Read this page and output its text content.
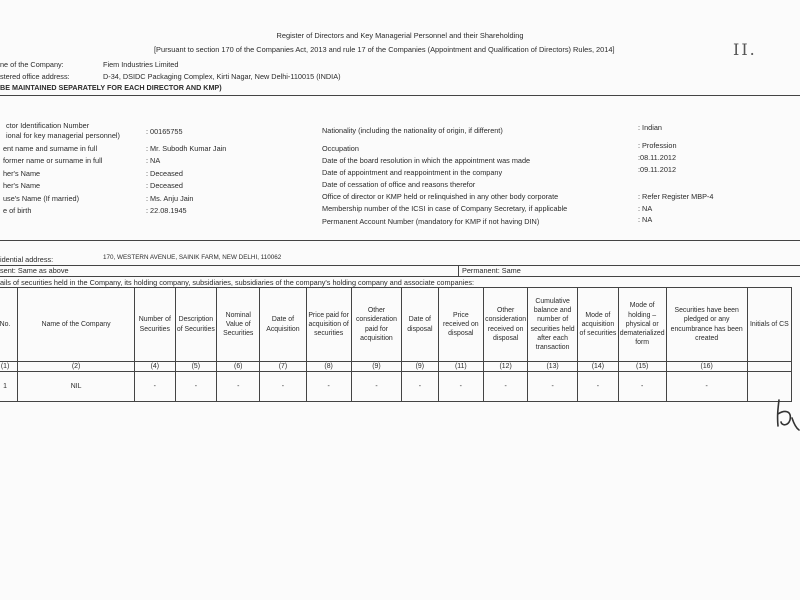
Register of Directors and Key Managerial Personnel and their Shareholding
[Pursuant to section 170 of the Companies Act, 2013 and rule 17 of the Companies (Appointment and Qualification of Directors) Rules, 2014]	II.
ne of the Company:	Fiem Industries Limited
stered office address:	D-34, DSIDC Packaging Complex, Kirti Nagar, New Delhi-110015 (INDIA)
BE MAINTAINED SEPARATELY FOR EACH DIRECTOR AND KMP)
ctor Identification Number
ional for key managerial personnel)	: 00165755
ent name and surname in full	: Mr. Subodh Kumar Jain
former name or surname in full	: NA
her's Name	: Deceased
her's Name	: Deceased
use's Name (If married)	: Ms. Anju Jain
e of birth	: 22.08.1945
Nationality (including the nationality of origin, if different)	: Indian
Occupation	: Profession
Date of the board resolution in which the appointment was made	:08.11.2012
Date of appointment and reappointment in the company	:09.11.2012
Date of cessation of office and reasons therefor
Office of director or KMP held or relinquished in any other body corporate	: Refer Register MBP-4
Membership number of the ICSI in case of Company Secretary, if applicable	: NA
Permanent Account Number (mandatory for KMP if not having DIN)	: NA
idential address:	170, WESTERN AVENUE, SAINIK FARM, NEW DELHI, 110062
sent: Same as above	Permanent: Same
ails of securities held in the Company, its holding company, subsidiaries, subsidiaries of the company's holding company and associate companies:
No.	Name of the Company	Number of Securities	Description of Securities	Nominal Value of Securities	Date of Acquisition	Price paid for acquisition of securities	Other consideration paid for acquisition	Date of disposal	Price received on disposal	Other consideration received on disposal	Cumulative balance and number of securities held after each transaction	Mode of acquisition of securities	Mode of holding – physical or dematerialized form	Securities have been pledged or any encumbrance has been created	Initials of CS
(1)	(2)	(4)	(5)	(6)	(7)	(8)	(9)	(9)	(11)	(12)	(13)	(14)	(15)	(16)	
1	NIL	-	-	-	-	-	-	-	-	-	-	-	-	-	
